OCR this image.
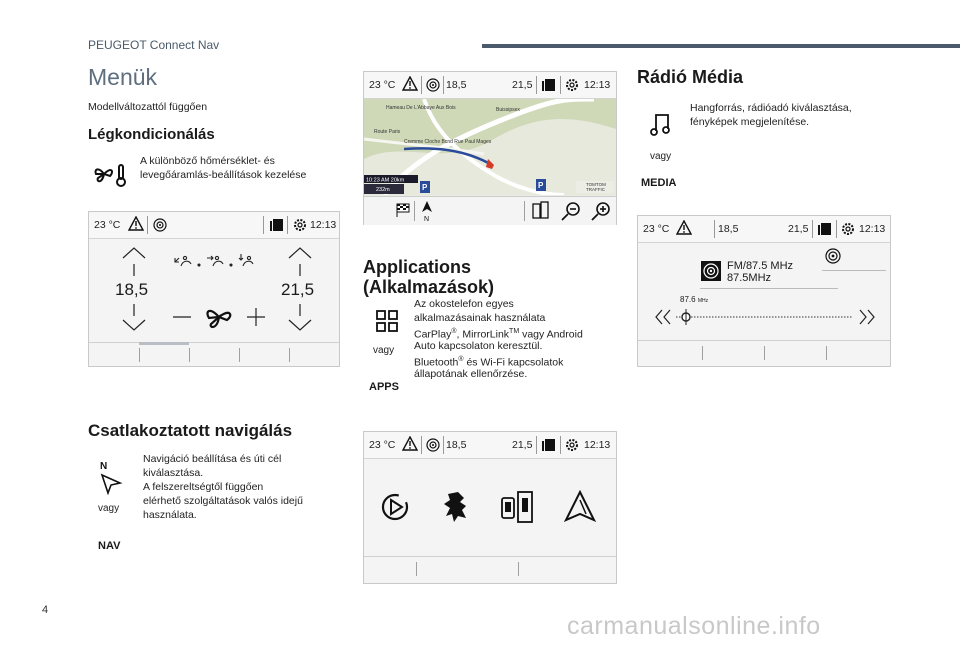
PEUGEOT Connect Nav
Menük
Modellváltozattól függően
Légkondicionálás
A különböző hőmérséklet- és
levegőáramlás-beállítások kezelése
23 °C	12:13
18,5	21,5
Csatlakoztatott navigálás
N
vagy
NAV
Navigáció beállítása és úti cél
kiválasztása.
A felszereltségtől függően
elérhető szolgáltatások valós idejű
használata.
23 °C	18,5	21,5	12:13
Hameau De L'Abbaye Aux Bois	Buissipsex
Route Paris
Cremme Cloche Bcnd Rue Paul Mages
10:23 AM 20km
232m	P	P	TOMTOM
TRAFFIC
N
Applications
(Alkalmazások)
vagy
APPS
Az okostelefon egyes
alkalmazásainak használata
CarPlay®, MirrorLink™ vagy Android
Auto kapcsolaton keresztül.
Bluetooth® és Wi-Fi kapcsolatok
állapotának ellenőrzése.
23 °C	18,5	21,5	12:13
Rádió Média
vagy
MEDIA
Hangforrás, rádióadó kiválasztása,
fényképek megjelenítése.
23 °C	18,5	21,5	12:13
FM/87.5 MHz
87.5MHz
87.6 MHz
4
carmanualsonline.info
